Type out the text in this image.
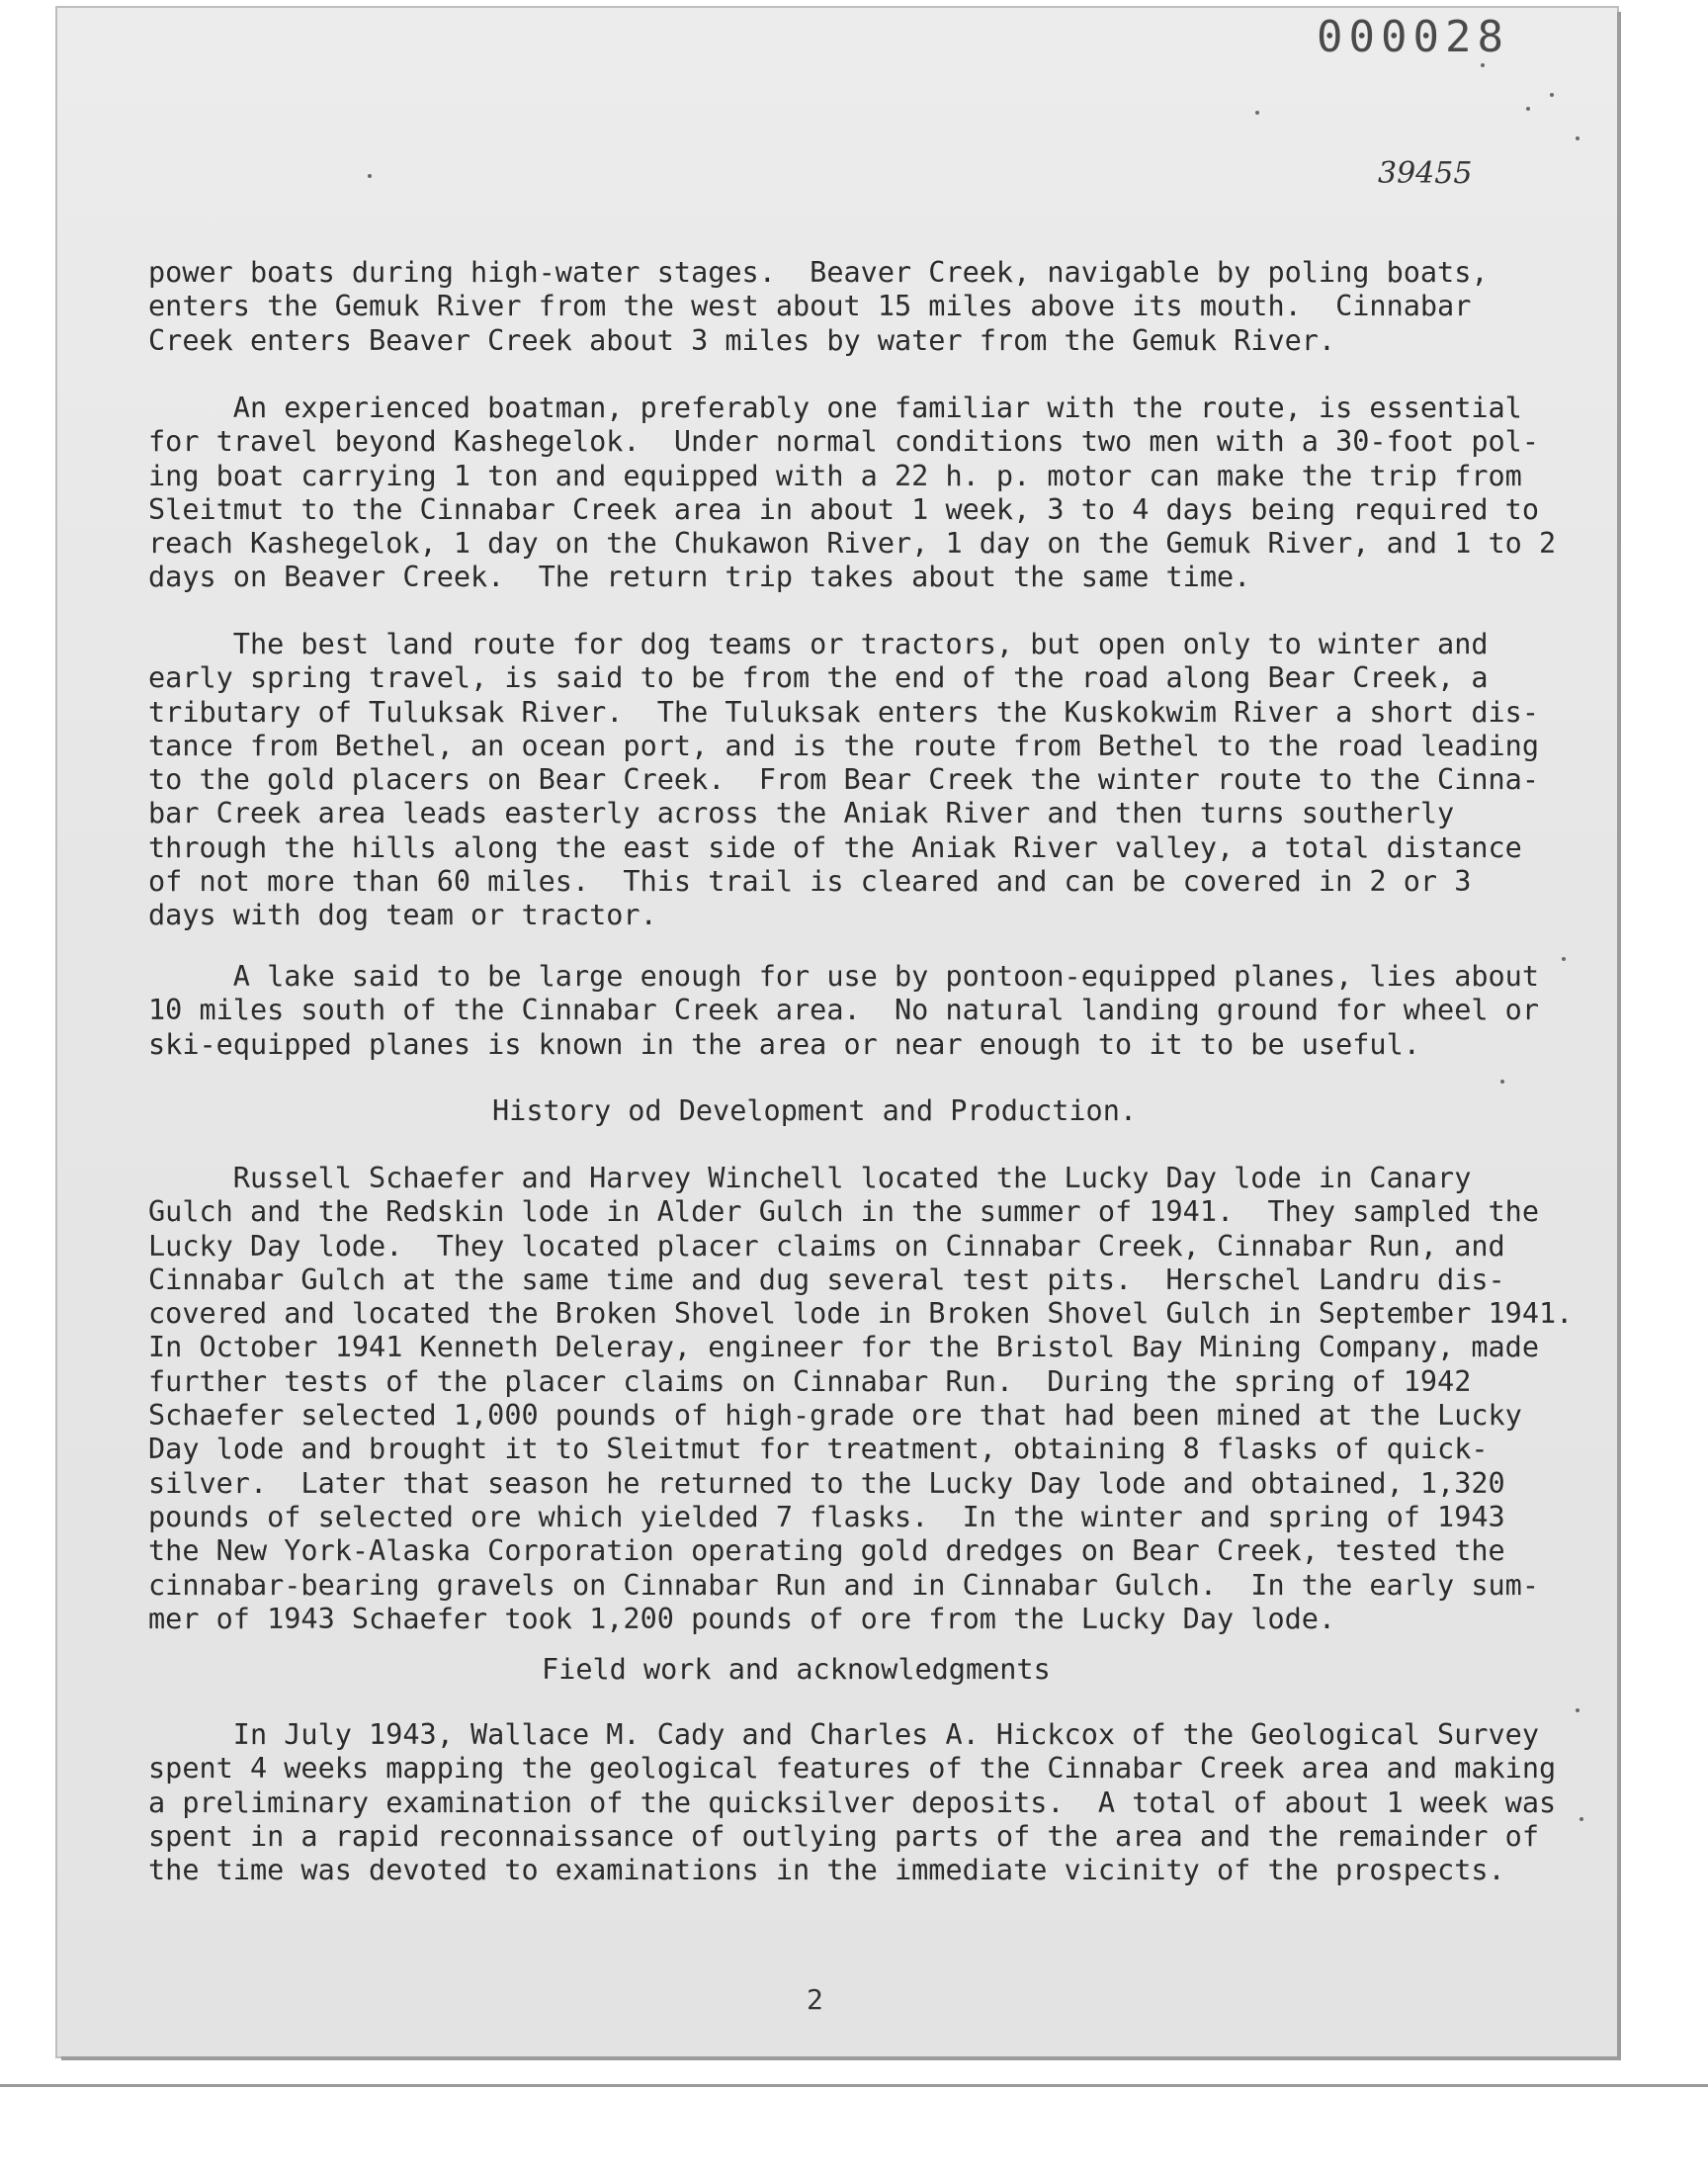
000028
39455
power boats during high-water stages.  Beaver Creek, navigable by poling boats,
enters the Gemuk River from the west about 15 miles above its mouth.  Cinnabar
Creek enters Beaver Creek about 3 miles by water from the Gemuk River.
An experienced boatman, preferably one familiar with the route, is essential
for travel beyond Kashegelok.  Under normal conditions two men with a 30-foot pol-
ing boat carrying 1 ton and equipped with a 22 h. p. motor can make the trip from
Sleitmut to the Cinnabar Creek area in about 1 week, 3 to 4 days being required to
reach Kashegelok, 1 day on the Chukawon River, 1 day on the Gemuk River, and 1 to 2
days on Beaver Creek.  The return trip takes about the same time.
The best land route for dog teams or tractors, but open only to winter and
early spring travel, is said to be from the end of the road along Bear Creek, a
tributary of Tuluksak River.  The Tuluksak enters the Kuskokwim River a short dis-
tance from Bethel, an ocean port, and is the route from Bethel to the road leading
to the gold placers on Bear Creek.  From Bear Creek the winter route to the Cinna-
bar Creek area leads easterly across the Aniak River and then turns southerly
through the hills along the east side of the Aniak River valley, a total distance
of not more than 60 miles.  This trail is cleared and can be covered in 2 or 3
days with dog team or tractor.
A lake said to be large enough for use by pontoon-equipped planes, lies about
10 miles south of the Cinnabar Creek area.  No natural landing ground for wheel or
ski-equipped planes is known in the area or near enough to it to be useful.
History od Development and Production.
Russell Schaefer and Harvey Winchell located the Lucky Day lode in Canary
Gulch and the Redskin lode in Alder Gulch in the summer of 1941.  They sampled the
Lucky Day lode.  They located placer claims on Cinnabar Creek, Cinnabar Run, and
Cinnabar Gulch at the same time and dug several test pits.  Herschel Landru dis-
covered and located the Broken Shovel lode in Broken Shovel Gulch in September 1941.
In October 1941 Kenneth Deleray, engineer for the Bristol Bay Mining Company, made
further tests of the placer claims on Cinnabar Run.  During the spring of 1942
Schaefer selected 1,000 pounds of high-grade ore that had been mined at the Lucky
Day lode and brought it to Sleitmut for treatment, obtaining 8 flasks of quick-
silver.  Later that season he returned to the Lucky Day lode and obtained, 1,320
pounds of selected ore which yielded 7 flasks.  In the winter and spring of 1943
the New York-Alaska Corporation operating gold dredges on Bear Creek, tested the
cinnabar-bearing gravels on Cinnabar Run and in Cinnabar Gulch.  In the early sum-
mer of 1943 Schaefer took 1,200 pounds of ore from the Lucky Day lode.
Field work and acknowledgments
In July 1943, Wallace M. Cady and Charles A. Hickcox of the Geological Survey
spent 4 weeks mapping the geological features of the Cinnabar Creek area and making
a preliminary examination of the quicksilver deposits.  A total of about 1 week was
spent in a rapid reconnaissance of outlying parts of the area and the remainder of
the time was devoted to examinations in the immediate vicinity of the prospects.
2
